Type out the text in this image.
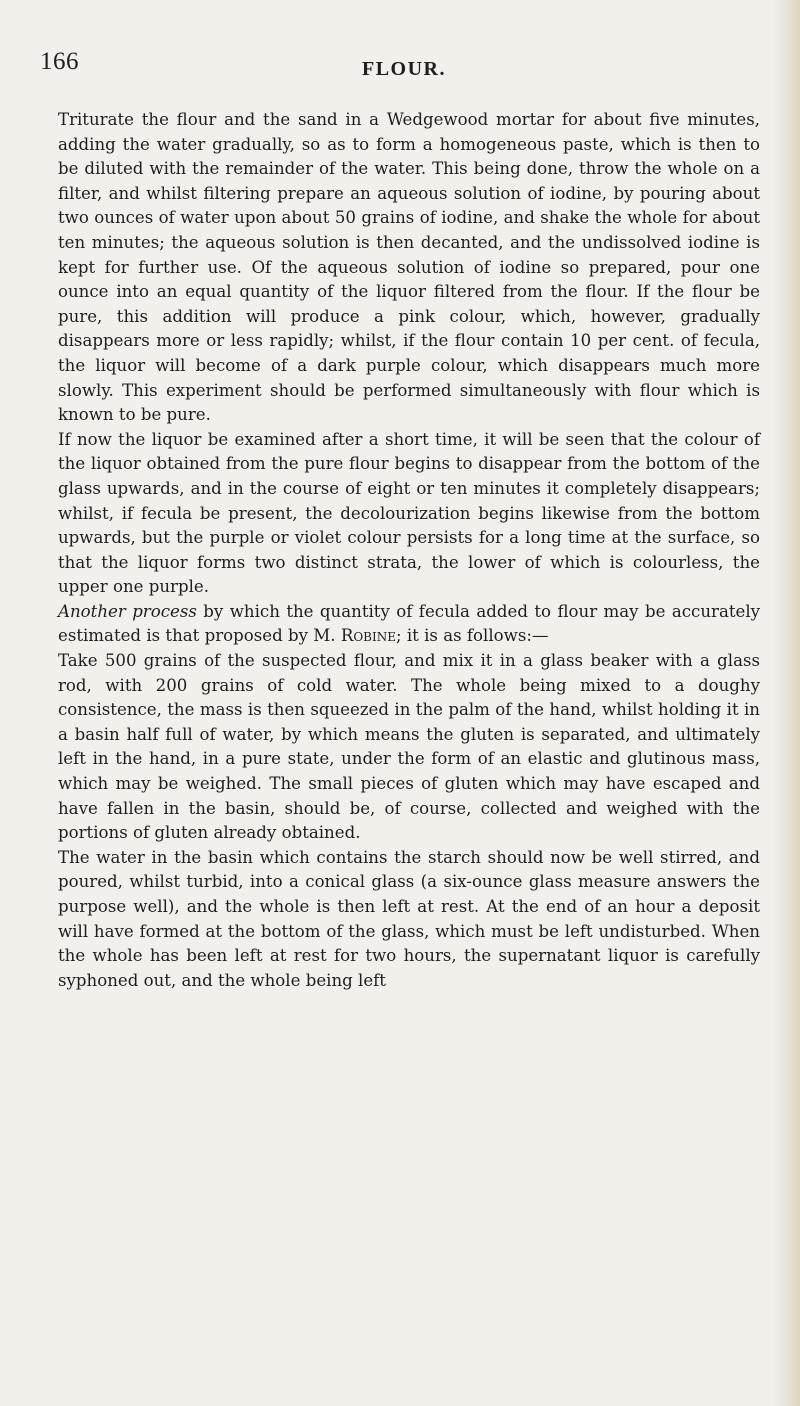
166	FLOUR.

Triturate the flour and the sand in a Wedgewood mortar for about five minutes, adding the water gradually, so as to form a homogeneous paste, which is then to be diluted with the remainder of the water. This being done, throw the whole on a filter, and whilst filtering prepare an aqueous solution of iodine, by pouring about two ounces of water upon about 50 grains of iodine, and shake the whole for about ten minutes; the aqueous solution is then decanted, and the undissolved iodine is kept for further use. Of the aqueous solution of iodine so prepared, pour one ounce into an equal quantity of the liquor filtered from the flour. If the flour be pure, this addition will produce a pink colour, which, however, gradually disappears more or less rapidly; whilst, if the flour contain 10 per cent. of fecula, the liquor will become of a dark purple colour, which disappears much more slowly. This experiment should be performed simultaneously with flour which is known to be pure.

If now the liquor be examined after a short time, it will be seen that the colour of the liquor obtained from the pure flour begins to disappear from the bottom of the glass upwards, and in the course of eight or ten minutes it completely disappears; whilst, if fecula be present, the decolourization begins likewise from the bottom upwards, but the purple or violet colour persists for a long time at the surface, so that the liquor forms two distinct strata, the lower of which is colourless, the upper one purple.

Another process by which the quantity of fecula added to flour may be accurately estimated is that proposed by M. Robine; it is as follows:—

Take 500 grains of the suspected flour, and mix it in a glass beaker with a glass rod, with 200 grains of cold water. The whole being mixed to a doughy consistence, the mass is then squeezed in the palm of the hand, whilst holding it in a basin half full of water, by which means the gluten is separated, and ultimately left in the hand, in a pure state, under the form of an elastic and glutinous mass, which may be weighed. The small pieces of gluten which may have escaped and have fallen in the basin, should be, of course, collected and weighed with the portions of gluten already obtained.

The water in the basin which contains the starch should now be well stirred, and poured, whilst turbid, into a conical glass (a six-ounce glass measure answers the purpose well), and the whole is then left at rest. At the end of an hour a deposit will have formed at the bottom of the glass, which must be left undisturbed. When the whole has been left at rest for two hours, the supernatant liquor is carefully syphoned out, and the whole being left
